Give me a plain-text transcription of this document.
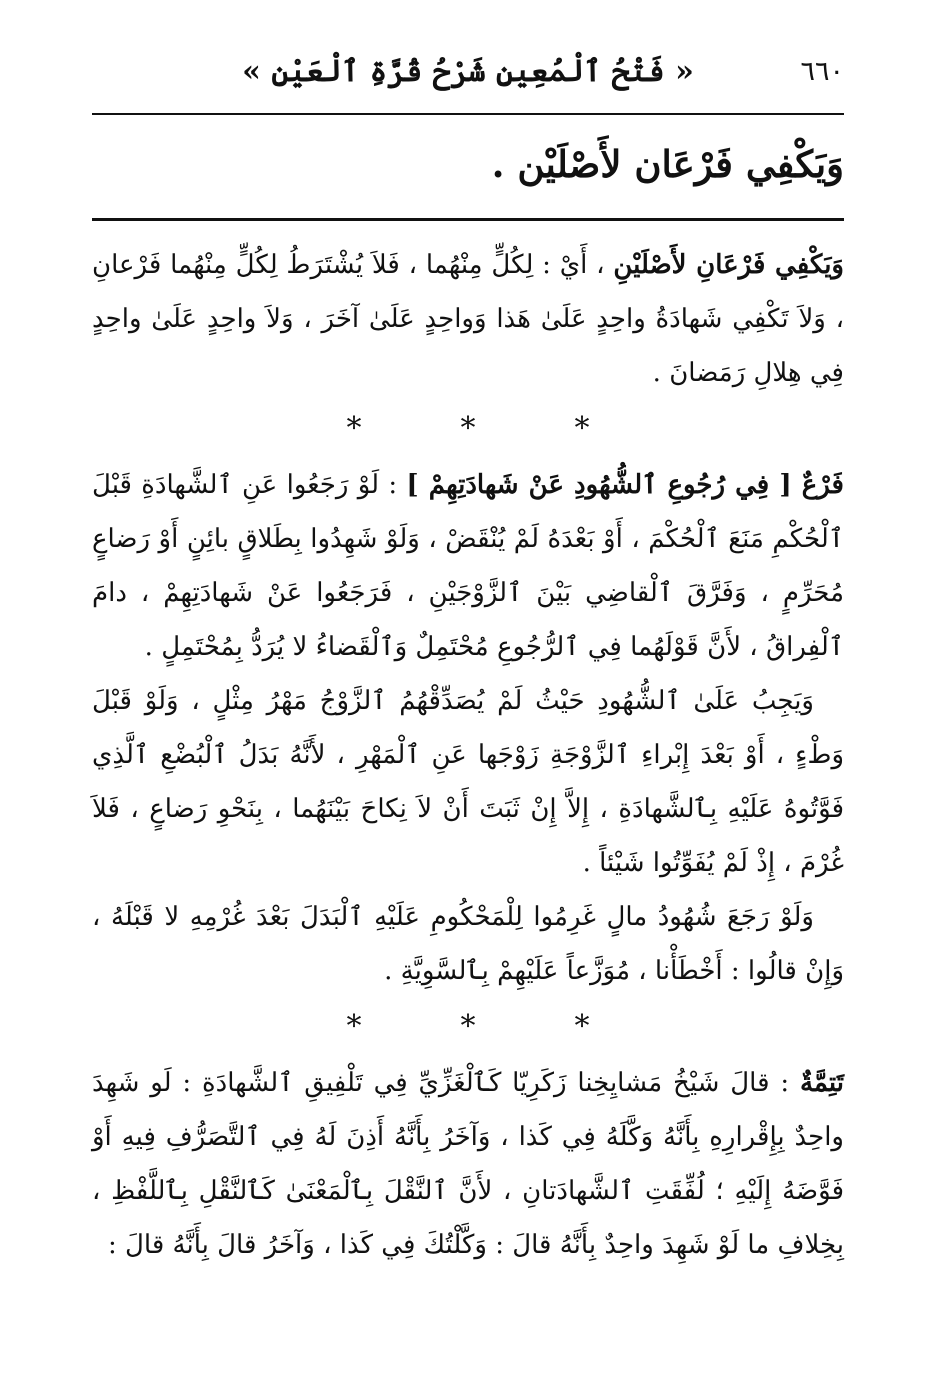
٦٦٠
« فَتْحُ ٱلْمُعِينِ شَرْحُ قُرَّةِ ٱلْعَيْنِ »
وَيَكْفِي فَرْعَان لأَصْلَيْن .

وَيَكْفِي فَرْعَانِ لأَصْلَيْنِ ، أَيْ : لِكُلٍّ مِنْهُما ، فَلاَ يُشْتَرَطُ لِكُلٍّ مِنْهُما فَرْعانِ ، وَلاَ تَكْفِي شَهادَةُ واحِدٍ عَلَىٰ هَذا وَواحِدٍ عَلَىٰ آخَرَ ، وَلاَ واحِدٍ عَلَىٰ واحِدٍ فِي هِلالِ رَمَضانَ .

*	*	*

فَرْعٌ [ فِي رُجُوعِ ٱلشُّهُودِ عَنْ شَهادَتِهِمْ ] : لَوْ رَجَعُوا عَنِ ٱلشَّهادَةِ قَبْلَ ٱلْحُكْمِ مَنَعَ ٱلْحُكْمَ ، أَوْ بَعْدَهُ لَمْ يُنْقَضْ ، وَلَوْ شَهِدُوا بِطَلاقٍ بائِنٍ أَوْ رَضاعٍ مُحَرِّمٍ ، وَفَرَّقَ ٱلْقاضِي بَيْنَ ٱلزَّوْجَيْنِ ، فَرَجَعُوا عَنْ شَهادَتِهِمْ ، دامَ ٱلْفِراقُ ، لأَنَّ قَوْلَهُما فِي ٱلرُّجُوعِ مُحْتَمِلٌ وَٱلْقَضاءُ لا يُرَدُّ بِمُحْتَمِلٍ .

وَيَجِبُ عَلَىٰ ٱلشُّهُودِ حَيْثُ لَمْ يُصَدِّقْهُمُ ٱلزَّوْجُ مَهْرُ مِثْلٍ ، وَلَوْ قَبْلَ وَطْءٍ ، أَوْ بَعْدَ إِبْراءِ ٱلزَّوْجَةِ زَوْجَها عَنِ ٱلْمَهْرِ ، لأَنَّهُ بَدَلُ ٱلْبُضْعِ ٱلَّذِي فَوَّتُوهُ عَلَيْهِ بِٱلشَّهادَةِ ، إِلاَّ إِنْ ثَبَتَ أَنْ لاَ نِكاحَ بَيْنَهُما ، بِنَحْوِ رَضاعٍ ، فَلاَ غُرْمَ ، إِذْ لَمْ يُفَوِّتُوا شَيْئاً .

وَلَوْ رَجَعَ شُهُودُ مالٍ غَرِمُوا لِلْمَحْكُومِ عَلَيْهِ ٱلْبَدَلَ بَعْدَ غُرْمِهِ لا قَبْلَهُ ، وَإِنْ قالُوا : أَخْطَأْنا ، مُوَزَّعاً عَلَيْهِمْ بِٱلسَّوِيَّةِ .

*	*	*

تَتِمَّةٌ : قالَ شَيْخُ مَشايِخِنا زَكَرِيّا كَٱلْغَزِّيِّ فِي تَلْفِيقِ ٱلشَّهادَةِ : لَو شَهِدَ واحِدٌ بِإِقْرارِهِ بِأَنَّهُ وَكَّلَهُ فِي كَذا ، وَآخَرُ بِأَنَّهُ أَذِنَ لَهُ فِي ٱلتَّصَرُّفِ فِيهِ أَوْ فَوَّضَهُ إِلَيْهِ ؛ لُفِّقَتِ ٱلشَّهادَتانِ ، لأَنَّ ٱلنَّقْلَ بِٱلْمَعْنَىٰ كَٱلنَّقْلِ بِٱللَّفْظِ ، بِخِلافِ ما لَوْ شَهِدَ واحِدٌ بِأَنَّهُ قالَ : وَكَّلْتُكَ فِي كَذا ، وَآخَرُ قالَ بِأَنَّهُ قالَ :
